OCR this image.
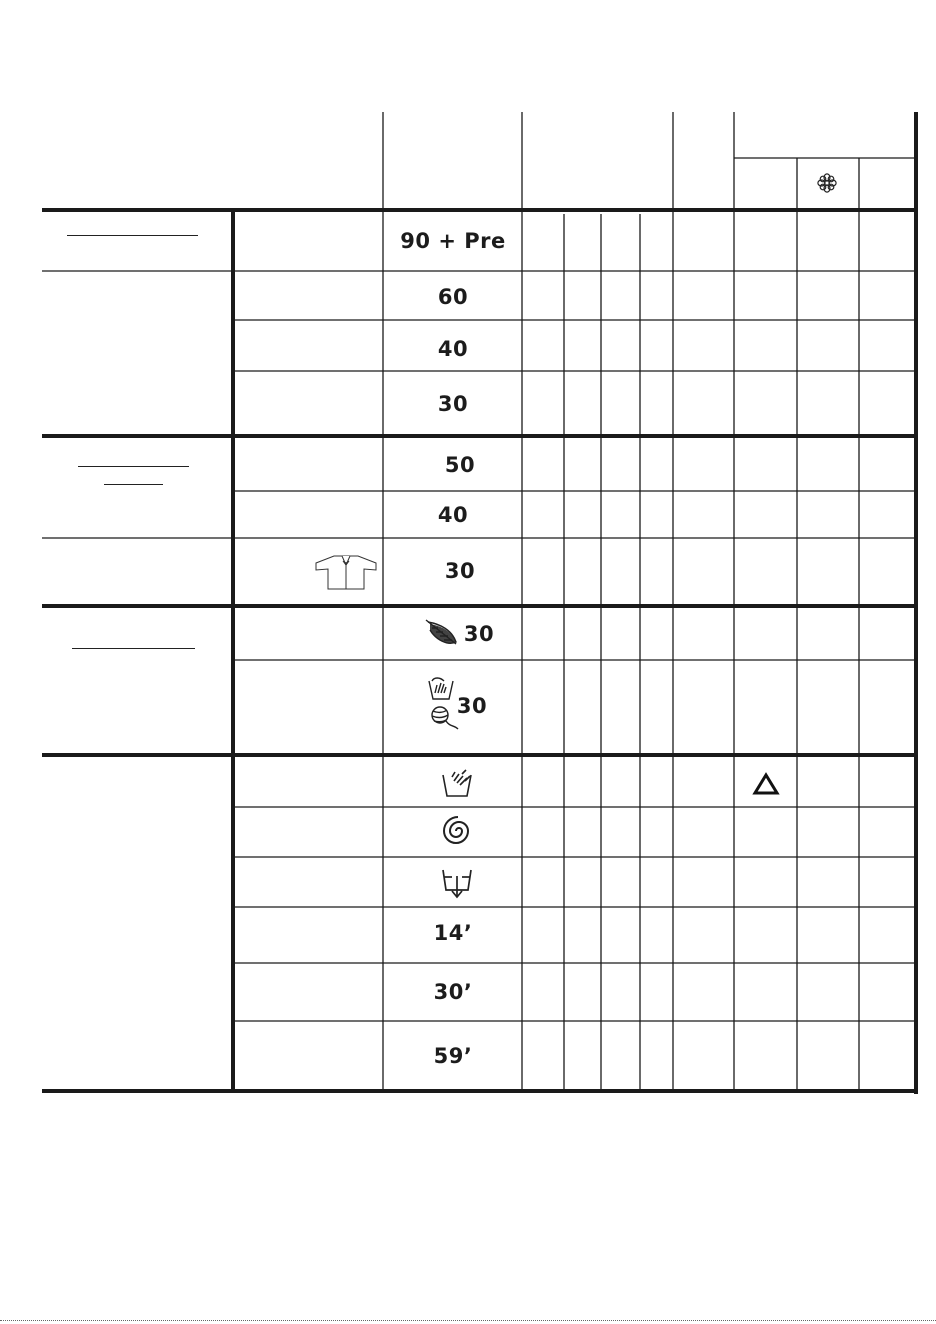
90 + Pre
60
40
30
50
40
30
30
30
14’
30’
59’
